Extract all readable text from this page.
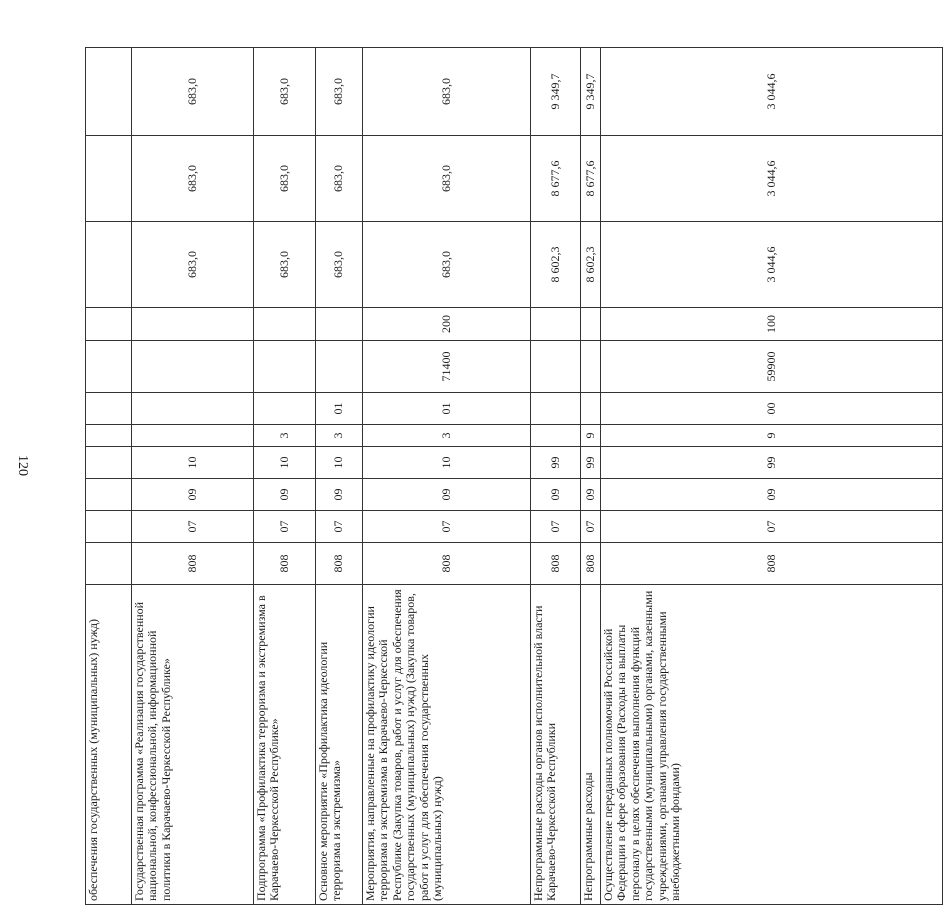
120
обеспечения государственных (муниципальных) нужд)											
Государственная программа «Реализация государственной национальной, конфессиональной, информационной политики в Карачаево-Черкесской Республике»	808	07	09	10					683,0	683,0	683,0
Подпрограмма «Профилактика терроризма и экстремизма в Карачаево-Черкесской Республике»	808	07	09	10	3				683,0	683,0	683,0
Основное мероприятие «Профилактика идеологии терроризма и экстремизма»	808	07	09	10	3	01			683,0	683,0	683,0
Мероприятия, направленные на профилактику идеологии терроризма и экстремизма в Карачаево-Черкесской Республике (Закупка товаров, работ и услуг для обеспечения государственных (муниципальных) нужд) (Закупка товаров, работ и услуг для обеспечения государственных (муниципальных) нужд)	808	07	09	10	3	01	71400	200	683,0	683,0	683,0
Непрограммные расходы органов исполнительной власти Карачаево-Черкесской Республики	808	07	09	99					8 602,3	8 677,6	9 349,7
Непрограммные расходы	808	07	09	99	9				8 602,3	8 677,6	9 349,7
Осуществление переданных полномочий Российской Федерации в сфере образования (Расходы на выплаты персоналу в целях обеспечения выполнения функций государственными (муниципальными) органами, казенными учреждениями, органами управления государственными внебюджетными фондами)	808	07	09	99	9	00	59900	100	3 044,6	3 044,6	3 044,6
